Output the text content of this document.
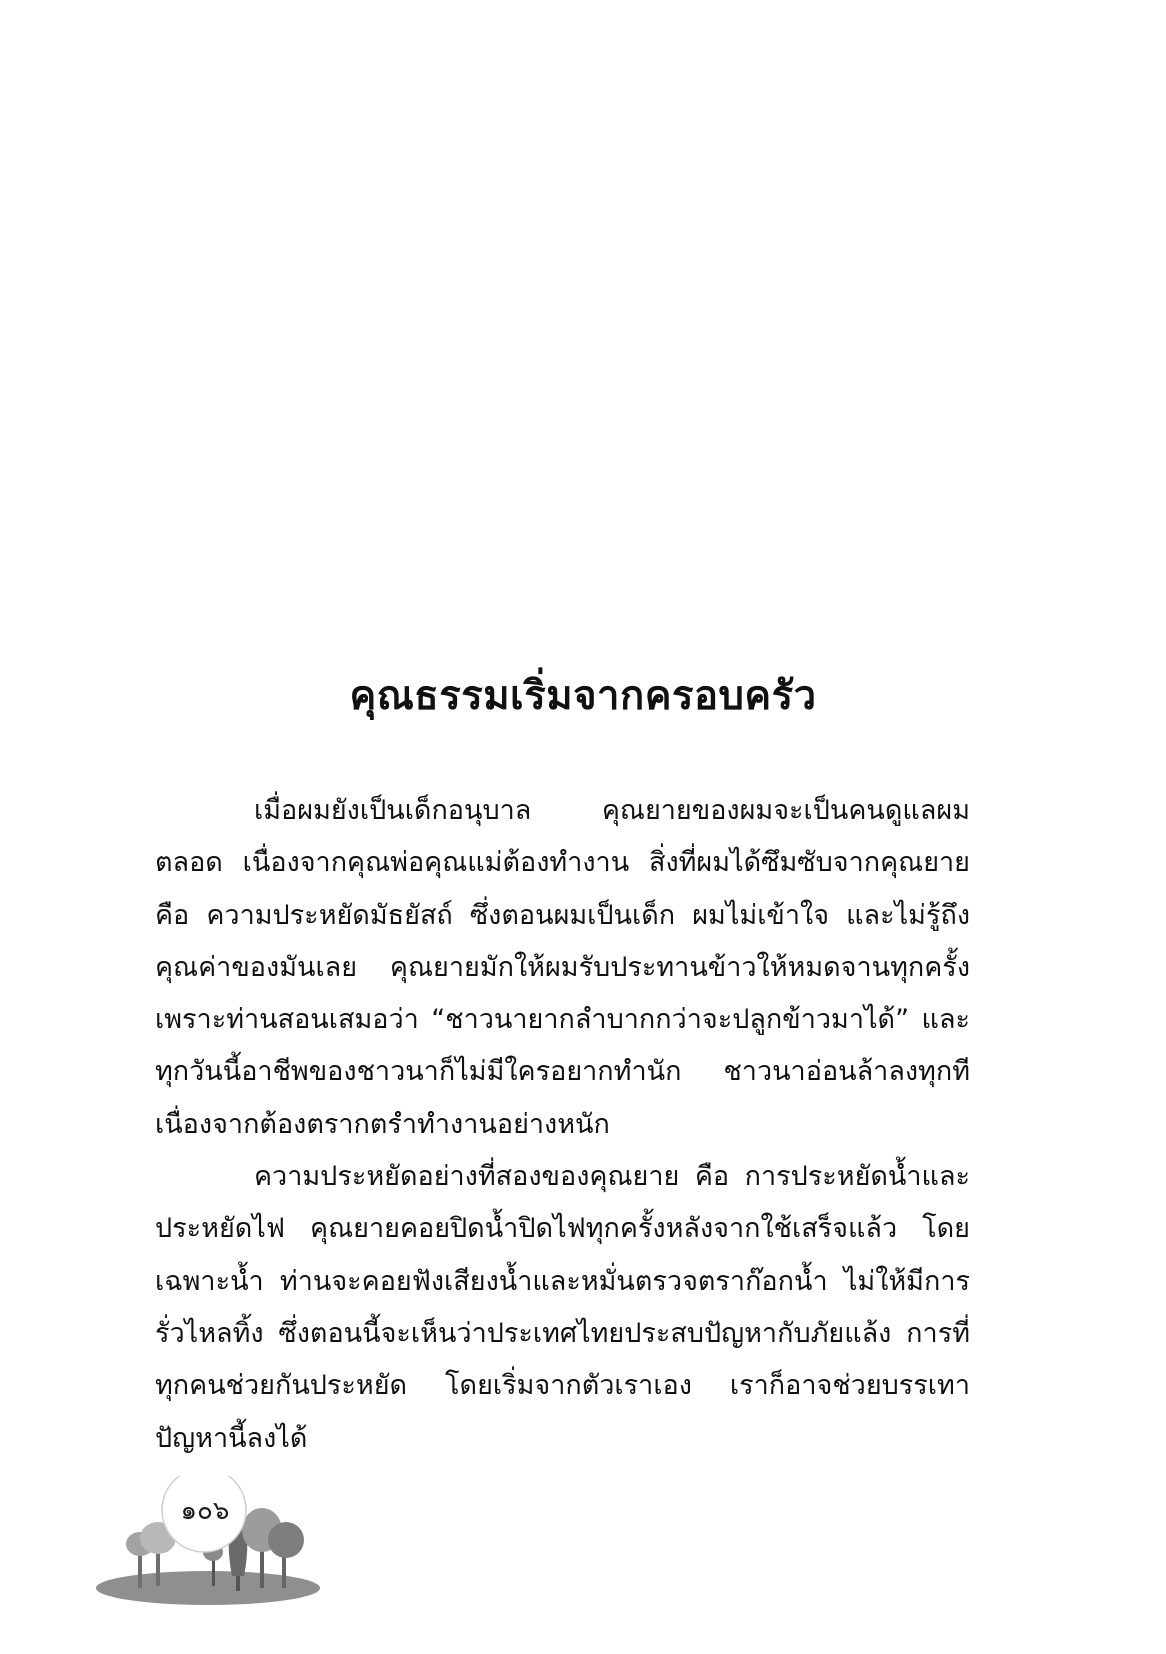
คุณธรรมเริ่มจากครอบครัว

เมื่อผมยังเป็นเด็กอนุบาล คุณยายของผมจะเป็นคนดูแลผมตลอด เนื่องจากคุณพ่อคุณแม่ต้องทำงาน สิ่งที่ผมได้ซึมซับจากคุณยาย คือ ความประหยัดมัธยัสถ์ ซึ่งตอนผมเป็นเด็ก ผมไม่เข้าใจ และไม่รู้ถึงคุณค่าของมันเลย คุณยายมักให้ผมรับประทานข้าวให้หมดจานทุกครั้ง เพราะท่านสอนเสมอว่า “ชาวนายากลำบากกว่าจะปลูกข้าวมาได้” และทุกวันนี้อาชีพของชาวนาก็ไม่มีใครอยากทำนัก ชาวนาอ่อนล้าลงทุกที เนื่องจากต้องตรากตรำทำงานอย่างหนัก

ความประหยัดอย่างที่สองของคุณยาย คือ การประหยัดน้ำและประหยัดไฟ คุณยายคอยปิดน้ำปิดไฟทุกครั้งหลังจากใช้เสร็จแล้ว โดยเฉพาะน้ำ ท่านจะคอยฟังเสียงน้ำและหมั่นตรวจตราก๊อกน้ำ ไม่ให้มีการรั่วไหลทิ้ง ซึ่งตอนนี้จะเห็นว่าประเทศไทยประสบปัญหากับภัยแล้ง การที่ทุกคนช่วยกันประหยัด โดยเริ่มจากตัวเราเอง เราก็อาจช่วยบรรเทาปัญหานี้ลงได้

๑๐๖
